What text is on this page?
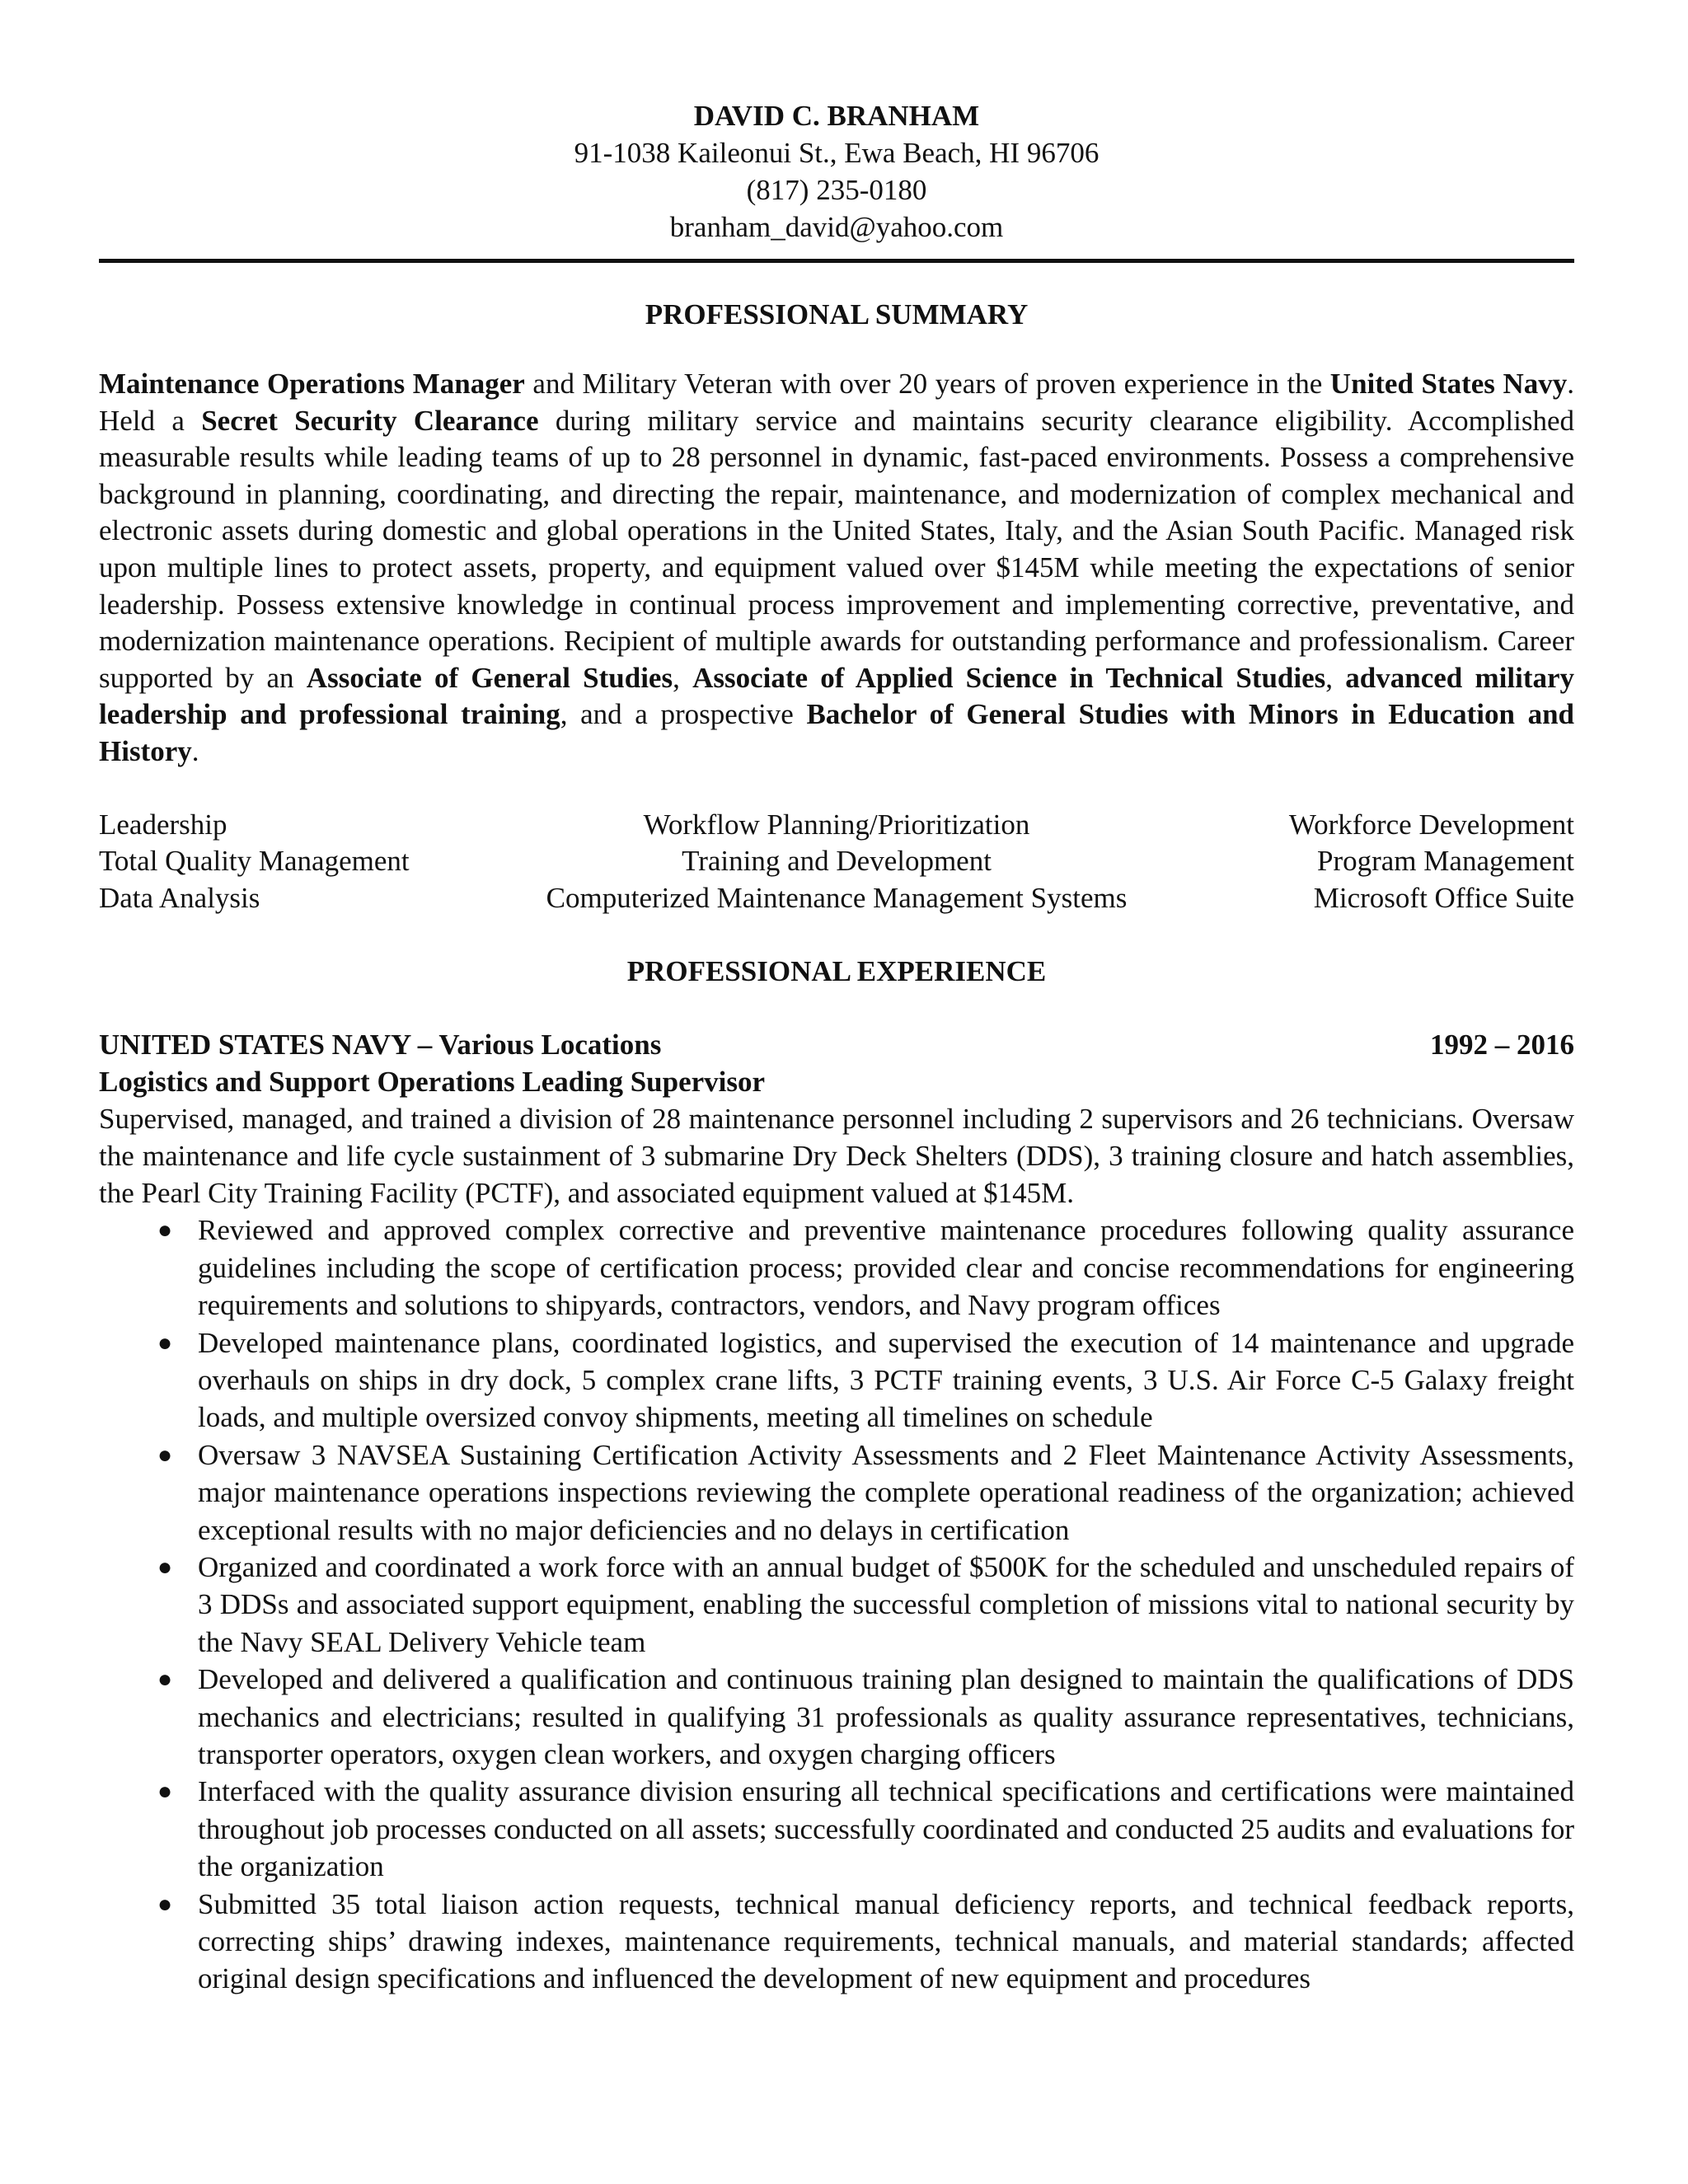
DAVID C. BRANHAM
91-1038 Kaileonui St., Ewa Beach, HI 96706
(817) 235-0180
branham_david@yahoo.com
PROFESSIONAL SUMMARY
Maintenance Operations Manager and Military Veteran with over 20 years of proven experience in the United States Navy. Held a Secret Security Clearance during military service and maintains security clearance eligibility. Accomplished measurable results while leading teams of up to 28 personnel in dynamic, fast-paced environments. Possess a comprehensive background in planning, coordinating, and directing the repair, maintenance, and modernization of complex mechanical and electronic assets during domestic and global operations in the United States, Italy, and the Asian South Pacific. Managed risk upon multiple lines to protect assets, property, and equipment valued over $145M while meeting the expectations of senior leadership. Possess extensive knowledge in continual process improvement and implementing corrective, preventative, and modernization maintenance operations. Recipient of multiple awards for outstanding performance and professionalism. Career supported by an Associate of General Studies, Associate of Applied Science in Technical Studies, advanced military leadership and professional training, and a prospective Bachelor of General Studies with Minors in Education and History.
Leadership	Workflow Planning/Prioritization	Workforce Development
Total Quality Management	Training and Development	Program Management
Data Analysis	Computerized Maintenance Management Systems	Microsoft Office Suite
PROFESSIONAL EXPERIENCE
UNITED STATES NAVY – Various Locations	1992 – 2016
Logistics and Support Operations Leading Supervisor
Supervised, managed, and trained a division of 28 maintenance personnel including 2 supervisors and 26 technicians. Oversaw the maintenance and life cycle sustainment of 3 submarine Dry Deck Shelters (DDS), 3 training closure and hatch assemblies, the Pearl City Training Facility (PCTF), and associated equipment valued at $145M.
● Reviewed and approved complex corrective and preventive maintenance procedures following quality assurance guidelines including the scope of certification process; provided clear and concise recommendations for engineering requirements and solutions to shipyards, contractors, vendors, and Navy program offices
● Developed maintenance plans, coordinated logistics, and supervised the execution of 14 maintenance and upgrade overhauls on ships in dry dock, 5 complex crane lifts, 3 PCTF training events, 3 U.S. Air Force C-5 Galaxy freight loads, and multiple oversized convoy shipments, meeting all timelines on schedule
● Oversaw 3 NAVSEA Sustaining Certification Activity Assessments and 2 Fleet Maintenance Activity Assessments, major maintenance operations inspections reviewing the complete operational readiness of the organization; achieved exceptional results with no major deficiencies and no delays in certification
● Organized and coordinated a work force with an annual budget of $500K for the scheduled and unscheduled repairs of 3 DDSs and associated support equipment, enabling the successful completion of missions vital to national security by the Navy SEAL Delivery Vehicle team
● Developed and delivered a qualification and continuous training plan designed to maintain the qualifications of DDS mechanics and electricians; resulted in qualifying 31 professionals as quality assurance representatives, technicians, transporter operators, oxygen clean workers, and oxygen charging officers
● Interfaced with the quality assurance division ensuring all technical specifications and certifications were maintained throughout job processes conducted on all assets; successfully coordinated and conducted 25 audits and evaluations for the organization
● Submitted 35 total liaison action requests, technical manual deficiency reports, and technical feedback reports, correcting ships’ drawing indexes, maintenance requirements, technical manuals, and material standards; affected original design specifications and influenced the development of new equipment and procedures
